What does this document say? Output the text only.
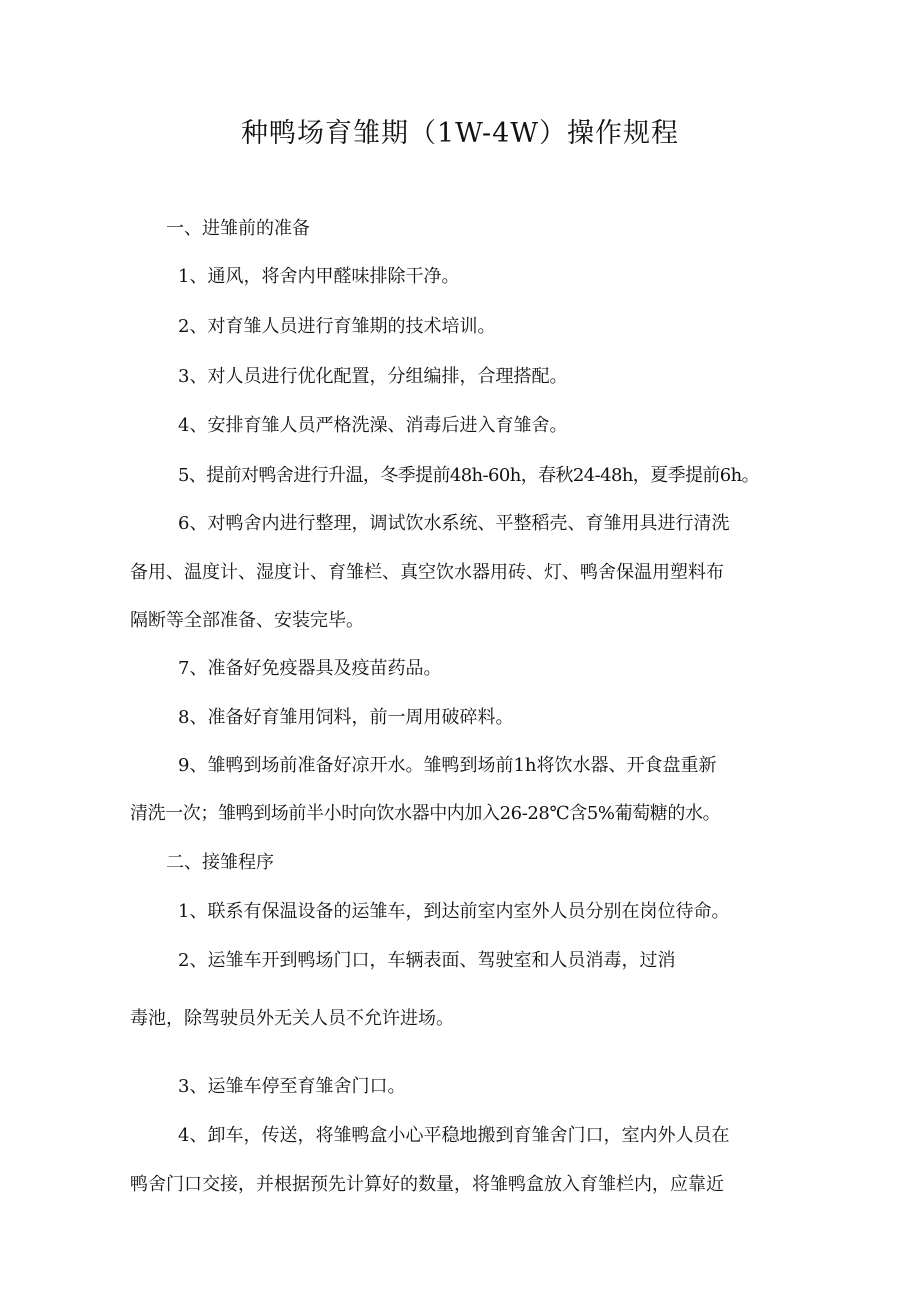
种鸭场育雏期（1W-4W）操作规程

一、进雏前的准备

1、通风，将舍内甲醛味排除干净。

2、对育雏人员进行育雏期的技术培训。

3、对人员进行优化配置，分组编排，合理搭配。

4、安排育雏人员严格洗澡、消毒后进入育雏舍。

5、提前对鸭舍进行升温，冬季提前48h-60h，春秋24-48h，夏季提前6h。

6、对鸭舍内进行整理，调试饮水系统、平整稻壳、育雏用具进行清洗

备用、温度计、湿度计、育雏栏、真空饮水器用砖、灯、鸭舍保温用塑料布

隔断等全部准备、安装完毕。

7、准备好免疫器具及疫苗药品。

8、准备好育雏用饲料，前一周用破碎料。

9、雏鸭到场前准备好凉开水。雏鸭到场前1h将饮水器、开食盘重新

清洗一次；雏鸭到场前半小时向饮水器中内加入26-28℃含5%葡萄糖的水。

二、接雏程序

1、联系有保温设备的运雏车，到达前室内室外人员分别在岗位待命。

2、运雏车开到鸭场门口，车辆表面、驾驶室和人员消毒，过消

毒池，除驾驶员外无关人员不允许进场。

3、运雏车停至育雏舍门口。

4、卸车，传送，将雏鸭盒小心平稳地搬到育雏舍门口，室内外人员在

鸭舍门口交接，并根据预先计算好的数量，将雏鸭盒放入育雏栏内，应靠近
